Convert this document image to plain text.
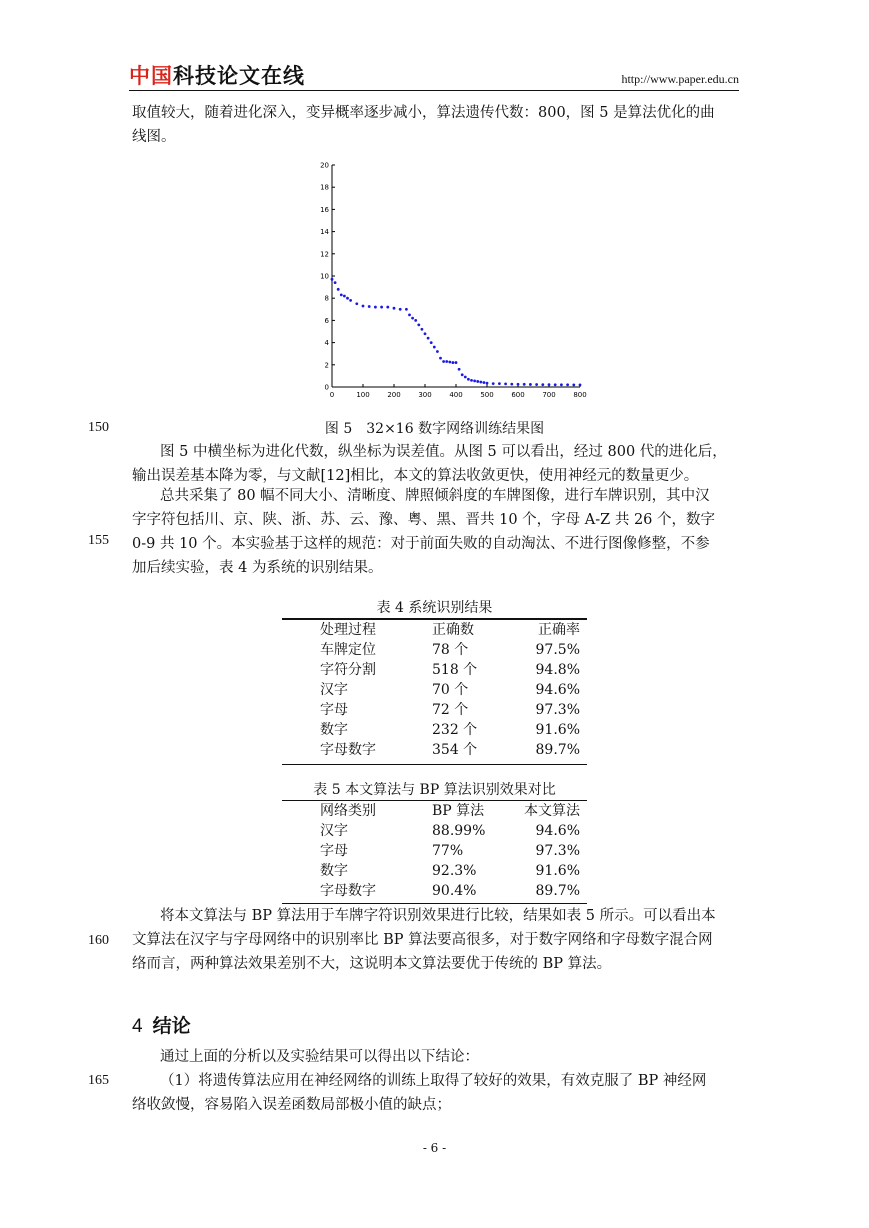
中国科技论文在线	http://www.paper.edu.cn
取值较大，随着进化深入，变异概率逐步减小，算法遗传代数：800，图 5 是算法优化的曲
线图。
0	100	200	300	400	500	600	700	800
0
2
4
6
8
10
12
14
16
18
20
图 5　32×16 数字网络训练结果图
150
图 5 中横坐标为进化代数，纵坐标为误差值。从图 5 可以看出，经过 800 代的进化后，
输出误差基本降为零，与文献[12]相比，本文的算法收敛更快，使用神经元的数量更少。
总共采集了 80 幅不同大小、清晰度、牌照倾斜度的车牌图像，进行车牌识别，其中汉
字字符包括川、京、陕、浙、苏、云、豫、粤、黑、晋共 10 个，字母 A-Z 共 26 个，数字
0-9 共 10 个。本实验基于这样的规范：对于前面失败的自动淘汰、不进行图像修整，不参
加后续实验，表 4 为系统的识别结果。
155
表 4 系统识别结果
处理过程	正确数	正确率
车牌定位	78 个	97.5%
字符分割	518 个	94.8%
汉字	70 个	94.6%
字母	72 个	97.3%
数字	232 个	91.6%
字母数字	354 个	89.7%
表 5 本文算法与 BP 算法识别效果对比
网络类别	BP 算法	本文算法
汉字	88.99%	94.6%
字母	77%	97.3%
数字	92.3%	91.6%
字母数字	90.4%	89.7%
将本文算法与 BP 算法用于车牌字符识别效果进行比较，结果如表 5 所示。可以看出本
文算法在汉字与字母网络中的识别率比 BP 算法要高很多，对于数字网络和字母数字混合网
络而言，两种算法效果差别不大，这说明本文算法要优于传统的 BP 算法。
160
4 结论
通过上面的分析以及实验结果可以得出以下结论：
（1）将遗传算法应用在神经网络的训练上取得了较好的效果，有效克服了 BP 神经网
络收敛慢，容易陷入误差函数局部极小值的缺点；
165
- 6 -
